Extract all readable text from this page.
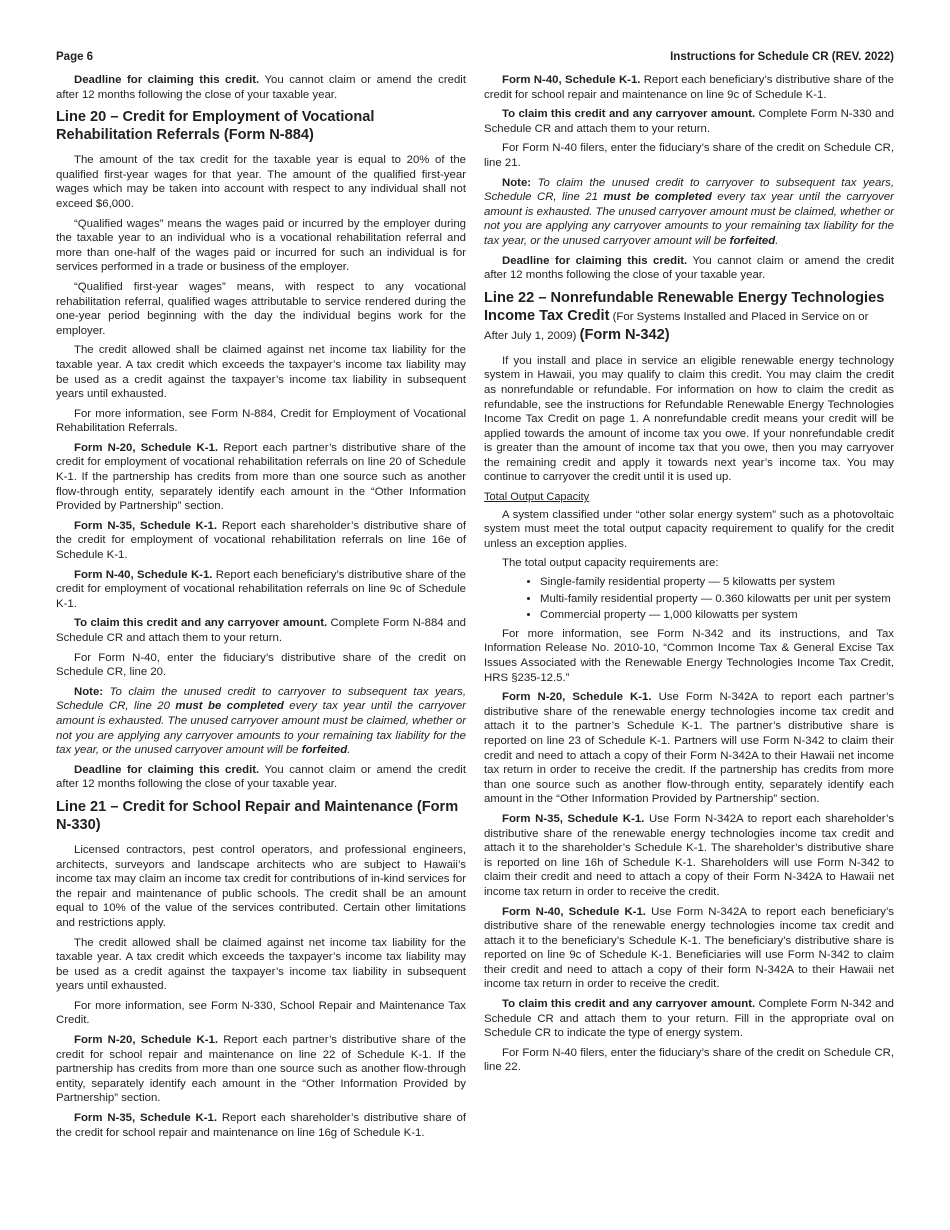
Page 6	Instructions for Schedule CR (REV. 2022)

Deadline for claiming this credit. You cannot claim or amend the credit after 12 months following the close of your taxable year.

Line 20 – Credit for Employment of Vocational Rehabilitation Referrals (Form N-884)

The amount of the tax credit for the taxable year is equal to 20% of the qualified first-year wages for that year. The amount of the qualified first-year wages which may be taken into account with respect to any individual shall not exceed $6,000.

“Qualified wages” means the wages paid or incurred by the employer during the taxable year to an individual who is a vocational rehabilitation referral and more than one-half of the wages paid or incurred for such an individual is for services performed in a trade or business of the employer.

“Qualified first-year wages” means, with respect to any vocational rehabilitation referral, qualified wages attributable to service rendered during the one-year period beginning with the day the individual begins work for the employer.

The credit allowed shall be claimed against net income tax liability for the taxable year. A tax credit which exceeds the taxpayer’s income tax liability may be used as a credit against the taxpayer’s income tax liability in subsequent years until exhausted.

For more information, see Form N-884, Credit for Employment of Vocational Rehabilitation Referrals.

Form N-20, Schedule K-1. Report each partner’s distributive share of the credit for employment of vocational rehabilitation referrals on line 20 of Schedule K-1. If the partnership has credits from more than one source such as another flow-through entity, separately identify each amount in the “Other Information Provided by Partnership” section.

Form N-35, Schedule K-1. Report each shareholder’s distributive share of the credit for employment of vocational rehabilitation referrals on line 16e of Schedule K-1.

Form N-40, Schedule K-1. Report each beneficiary’s distributive share of the credit for employment of vocational rehabilitation referrals on line 9c of Schedule K-1.

To claim this credit and any carryover amount. Complete Form N-884 and Schedule CR and attach them to your return.

For Form N-40, enter the fiduciary’s distributive share of the credit on Schedule CR, line 20.

Note: To claim the unused credit to carryover to subsequent tax years, Schedule CR, line 20 must be completed every tax year until the carryover amount is exhausted. The unused carryover amount must be claimed, whether or not you are applying any carryover amounts to your remaining tax liability for the tax year, or the unused carryover amount will be forfeited.

Deadline for claiming this credit. You cannot claim or amend the credit after 12 months following the close of your taxable year.

Line 21 – Credit for School Repair and Maintenance (Form N-330)

Licensed contractors, pest control operators, and professional engineers, architects, surveyors and landscape architects who are subject to Hawaii’s income tax may claim an income tax credit for contributions of in-kind services for the repair and maintenance of public schools. The credit shall be an amount equal to 10% of the value of the services contributed. Certain other limitations and restrictions apply.

The credit allowed shall be claimed against net income tax liability for the taxable year. A tax credit which exceeds the taxpayer’s income tax liability may be used as a credit against the taxpayer’s income tax liability in subsequent years until exhausted.

For more information, see Form N-330, School Repair and Maintenance Tax Credit.

Form N-20, Schedule K-1. Report each partner’s distributive share of the credit for school repair and maintenance on line 22 of Schedule K-1. If the partnership has credits from more than one source such as another flow-through entity, separately identify each amount in the “Other Information Provided by Partnership” section.

Form N-35, Schedule K-1. Report each shareholder’s distributive share of the credit for school repair and maintenance on line 16g of Schedule K-1.

Form N-40, Schedule K-1. Report each beneficiary’s distributive share of the credit for school repair and maintenance on line 9c of Schedule K-1.

To claim this credit and any carryover amount. Complete Form N-330 and Schedule CR and attach them to your return.

For Form N-40 filers, enter the fiduciary’s share of the credit on Schedule CR, line 21.

Note: To claim the unused credit to carryover to subsequent tax years, Schedule CR, line 21 must be completed every tax year until the carryover amount is exhausted. The unused carryover amount must be claimed, whether or not you are applying any carryover amounts to your remaining tax liability for the tax year, or the unused carryover amount will be forfeited.

Deadline for claiming this credit. You cannot claim or amend the credit after 12 months following the close of your taxable year.

Line 22 – Nonrefundable Renewable Energy Technologies Income Tax Credit (For Systems Installed and Placed in Service on or After July 1, 2009) (Form N-342)

If you install and place in service an eligible renewable energy technology system in Hawaii, you may qualify to claim this credit. You may claim the credit as nonrefundable or refundable. For information on how to claim the credit as refundable, see the instructions for Refundable Renewable Energy Technologies Income Tax Credit on page 1. A nonrefundable credit means your credit will be applied towards the amount of income tax you owe. If your nonrefundable credit is greater than the amount of income tax that you owe, then you may carryover the remaining credit and apply it towards next year’s income tax. You may continue to carryover the credit until it is used up.

Total Output Capacity

A system classified under “other solar energy system” such as a photovoltaic system must meet the total output capacity requirement to qualify for the credit unless an exception applies.

The total output capacity requirements are:

• Single-family residential property — 5 kilowatts per system
• Multi-family residential property — 0.360 kilowatts per unit per system
• Commercial property — 1,000 kilowatts per system

For more information, see Form N-342 and its instructions, and Tax Information Release No. 2010-10, “Common Income Tax & General Excise Tax Issues Associated with the Renewable Energy Technologies Income Tax Credit, HRS §235-12.5.”

Form N-20, Schedule K-1. Use Form N-342A to report each partner’s distributive share of the renewable energy technologies income tax credit and attach it to the partner’s Schedule K-1. The partner’s distributive share is reported on line 23 of Schedule K-1. Partners will use Form N-342 to claim their credit and need to attach a copy of their Form N-342A to their Hawaii net income tax return in order to receive the credit. If the partnership has credits from more than one source such as another flow-through entity, separately identify each amount in the “Other Information Provided by Partnership” section.

Form N-35, Schedule K-1. Use Form N-342A to report each shareholder’s distributive share of the renewable energy technologies income tax credit and attach it to the shareholder’s Schedule K-1. The shareholder’s distributive share is reported on line 16h of Schedule K-1. Shareholders will use Form N-342 to claim their credit and need to attach a copy of their Form N-342A to Hawaii net income tax return in order to receive the credit.

Form N-40, Schedule K-1. Use Form N-342A to report each beneficiary’s distributive share of the renewable energy technologies income tax credit and attach it to the beneficiary’s Schedule K-1. The beneficiary’s distributive share is reported on line 9c of Schedule K-1. Beneficiaries will use Form N-342 to claim their credit and need to attach a copy of their form N-342A to their Hawaii net income tax return in order to receive the credit.

To claim this credit and any carryover amount. Complete Form N-342 and Schedule CR and attach them to your return. Fill in the appropriate oval on Schedule CR to indicate the type of energy system.

For Form N-40 filers, enter the fiduciary’s share of the credit on Schedule CR, line 22.
